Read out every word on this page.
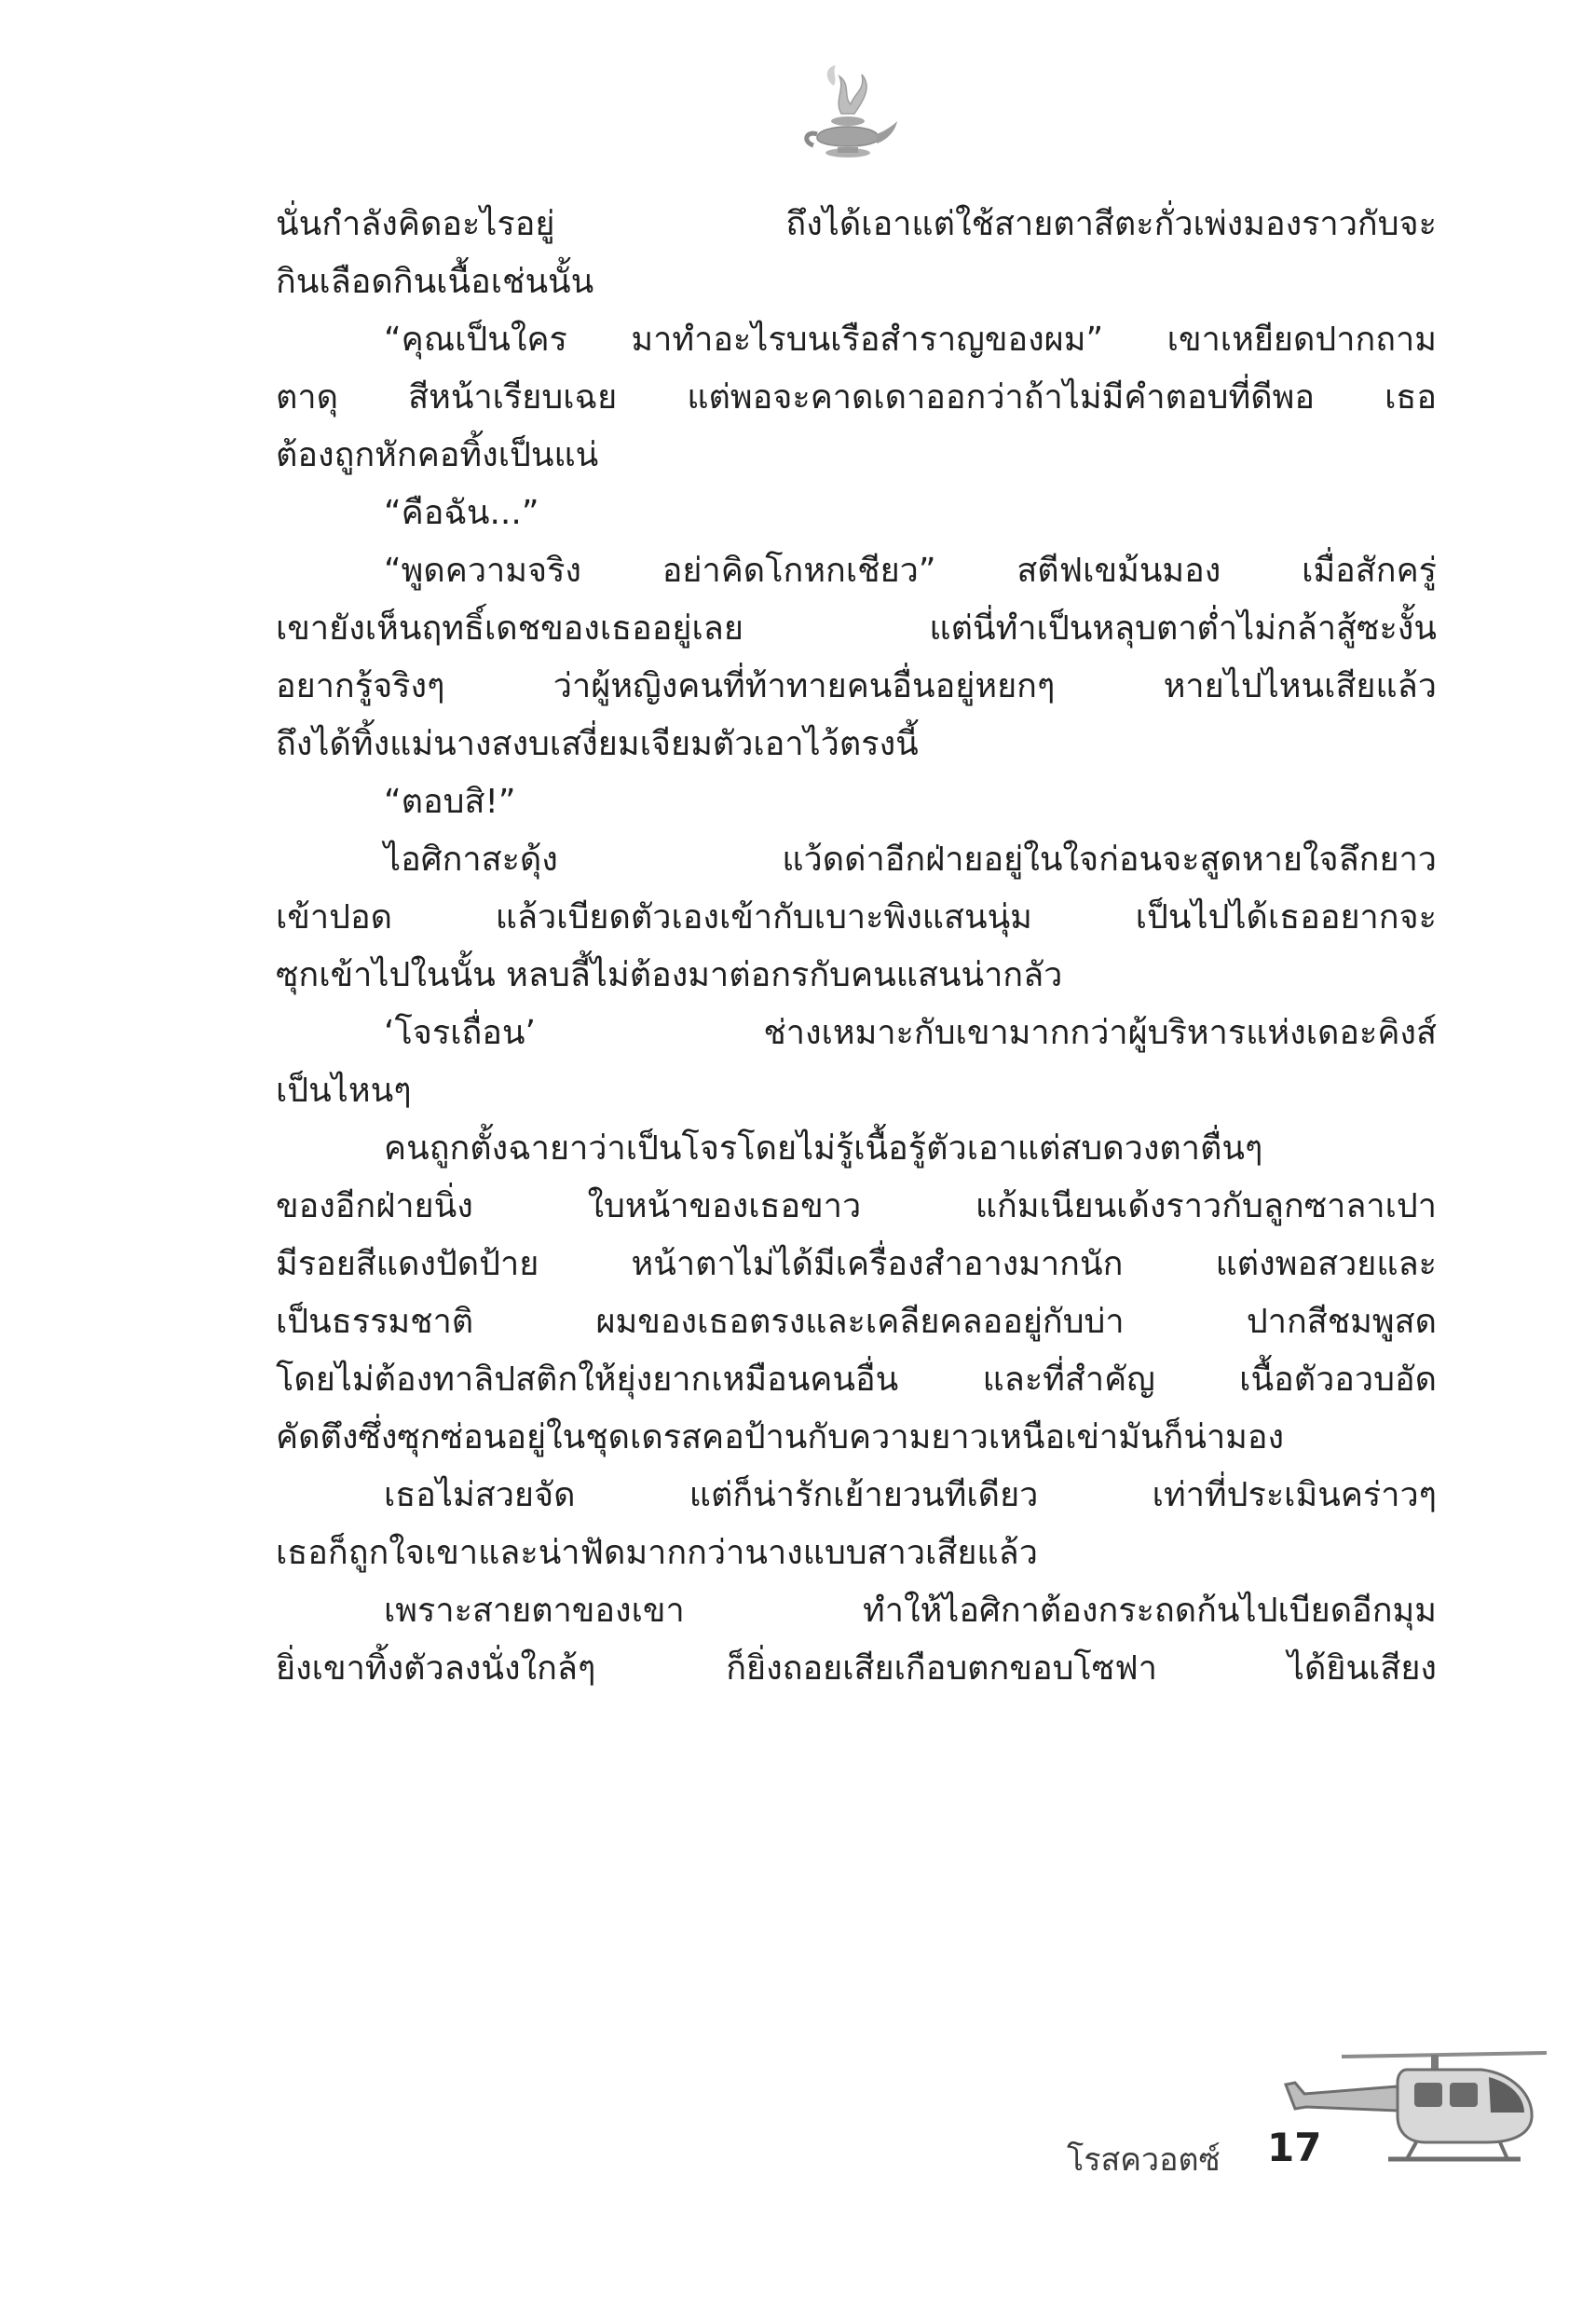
นั่นกำลังคิดอะไรอยู่ ถึงได้เอาแต่ใช้สายตาสีตะกั่วเพ่งมองราวกับจะ
กินเลือดกินเนื้อเช่นนั้น
“คุณเป็นใคร มาทำอะไรบนเรือสำราญของผม” เขาเหยียดปากถาม
ตาดุ สีหน้าเรียบเฉย แต่พอจะคาดเดาออกว่าถ้าไม่มีคำตอบที่ดีพอ เธอ
ต้องถูกหักคอทิ้งเป็นแน่
“คือฉัน...”
“พูดความจริง อย่าคิดโกหกเชียว” สตีฟเขม้นมอง เมื่อสักครู่
เขายังเห็นฤทธิ์เดชของเธออยู่เลย แต่นี่ทำเป็นหลุบตาต่ำไม่กล้าสู้ซะงั้น
อยากรู้จริงๆ ว่าผู้หญิงคนที่ท้าทายคนอื่นอยู่หยกๆ หายไปไหนเสียแล้ว
ถึงได้ทิ้งแม่นางสงบเสงี่ยมเจียมตัวเอาไว้ตรงนี้
“ตอบสิ!”
ไอศิกาสะดุ้ง แว้ดด่าอีกฝ่ายอยู่ในใจก่อนจะสูดหายใจลึกยาว
เข้าปอด แล้วเบียดตัวเองเข้ากับเบาะพิงแสนนุ่ม เป็นไปได้เธออยากจะ
ซุกเข้าไปในนั้น หลบลี้ไม่ต้องมาต่อกรกับคนแสนน่ากลัว
‘โจรเถื่อน’ ช่างเหมาะกับเขามากกว่าผู้บริหารแห่งเดอะคิงส์
เป็นไหนๆ
คนถูกตั้งฉายาว่าเป็นโจรโดยไม่รู้เนื้อรู้ตัวเอาแต่สบดวงตาตื่นๆ
ของอีกฝ่ายนิ่ง ใบหน้าของเธอขาว แก้มเนียนเด้งราวกับลูกซาลาเปา
มีรอยสีแดงปัดป้าย หน้าตาไม่ได้มีเครื่องสำอางมากนัก แต่งพอสวยและ
เป็นธรรมชาติ ผมของเธอตรงและเคลียคลออยู่กับบ่า ปากสีชมพูสด
โดยไม่ต้องทาลิปสติกให้ยุ่งยากเหมือนคนอื่น และที่สำคัญ เนื้อตัวอวบอัด
คัดตึงซึ่งซุกซ่อนอยู่ในชุดเดรสคอป้านกับความยาวเหนือเข่ามันก็น่ามอง
เธอไม่สวยจัด แต่ก็น่ารักเย้ายวนทีเดียว เท่าที่ประเมินคร่าวๆ
เธอก็ถูกใจเขาและน่าฟัดมากกว่านางแบบสาวเสียแล้ว
เพราะสายตาของเขา ทำให้ไอศิกาต้องกระถดก้นไปเบียดอีกมุม
ยิ่งเขาทิ้งตัวลงนั่งใกล้ๆ ก็ยิ่งถอยเสียเกือบตกขอบโซฟา ได้ยินเสียง
โรสควอตซ์ 17
